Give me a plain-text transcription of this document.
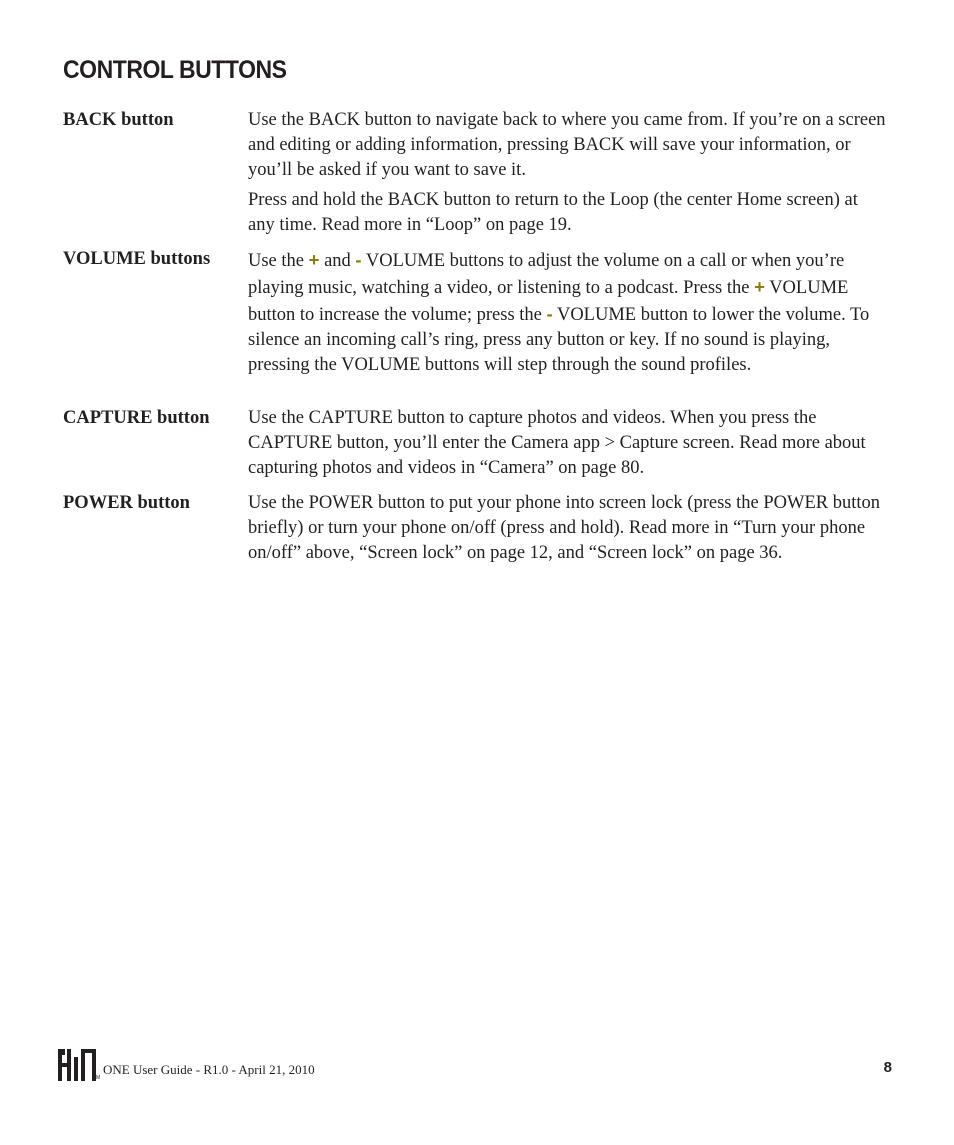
CONTROL BUTTONS
BACK button	Use the BACK button to navigate back to where you came from. If you’re on a screen and editing or adding information, pressing BACK will save your information, or you’ll be asked if you want to save it.

Press and hold the BACK button to return to the Loop (the center Home screen) at any time. Read more in “Loop” on page 19.

VOLUME buttons	Use the + and - VOLUME buttons to adjust the volume on a call or when you’re playing music, watching a video, or listening to a podcast. Press the + VOLUME button to increase the volume; press the - VOLUME button to lower the volume. To silence an incoming call’s ring, press any button or key. If no sound is playing, pressing the VOLUME buttons will step through the sound profiles.

CAPTURE button	Use the CAPTURE button to capture photos and videos. When you press the CAPTURE button, you’ll enter the Camera app > Capture screen. Read more about capturing photos and videos in “Camera” on page 80.

POWER button	Use the POWER button to put your phone into screen lock (press the POWER button briefly) or turn your phone on/off (press and hold). Read more in “Turn your phone on/off” above, “Screen lock” on page 12, and “Screen lock” on page 36.

TM
ONE User Guide - R1.0 - April 21, 2010	8
